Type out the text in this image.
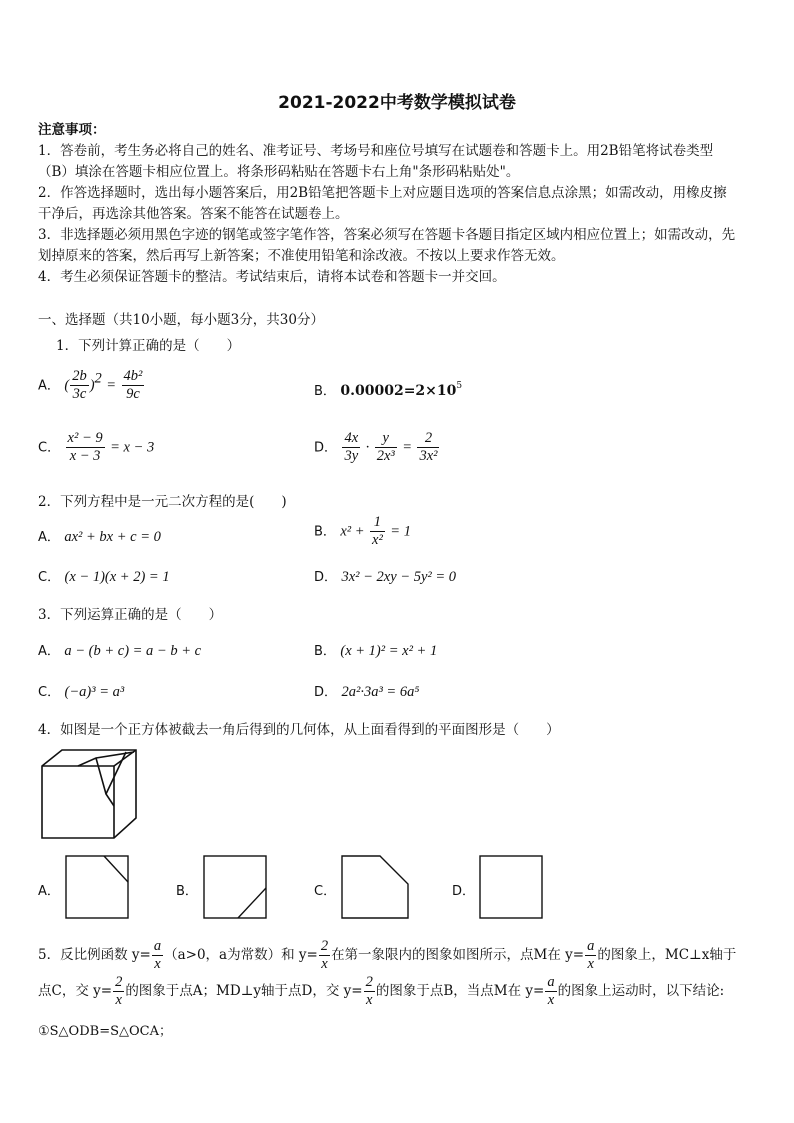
2021-2022中考数学模拟试卷
注意事项：
1．答卷前，考生务必将自己的姓名、准考证号、考场号和座位号填写在试题卷和答题卡上。用2B铅笔将试卷类型
（B）填涂在答题卡相应位置上。将条形码粘贴在答题卡右上角"条形码粘贴处"。
2．作答选择题时，选出每小题答案后，用2B铅笔把答题卡上对应题目选项的答案信息点涂黑；如需改动，用橡皮擦
干净后，再选涂其他答案。答案不能答在试题卷上。
3．非选择题必须用黑色字迹的钢笔或签字笔作答，答案必须写在答题卡各题目指定区域内相应位置上；如需改动，先
划掉原来的答案，然后再写上新答案；不准使用铅笔和涂改液。不按以上要求作答无效。
4．考生必须保证答题卡的整洁。考试结束后，请将本试卷和答题卡一并交回。
一、选择题（共10小题，每小题3分，共30分）
1．下列计算正确的是（　　）
A． ( $\frac{2b}{3c} )^2 = \frac{\text{4b²}}{9c}$	B． $0.00002=2\times 10^5$
C． $\frac{\text{x² − 9}}{x - 3} = x - 3$	D． $\frac{4x}{3y} \cdot \frac{y}{\text{2x³}} = \frac{2}{\text{3x²}}$
2．下列方程中是一元二次方程的是(　　)
A． ax² + bx + c = 0	B． $x^2 + \frac{1}{\text{x²}} = 1$
C． (x − 1)(x + 2) = 1	D． 3x² − 2xy − 5y² = 0
3．下列运算正确的是（　　）
A． a − (b + c) = a − b + c	B． (x + 1)² = x² + 1
C． (−a)³ = a³	D． 2a²·3a³ = 6a⁵
4．如图是一个正方体被截去一角后得到的几何体，从上面看得到的平面图形是（　　）
A．	B．	C．	D．
5．反比例函数 $y= \frac{a}{x} (a>0$，a为常数）和 $y= \frac{2}{x}$ 在第一象限内的图象如图所示，点M在 $y= \frac{a}{x}$ 的图象上，MC⊥x轴于
点C，交 $y= \frac{2}{x}$ 的图象于点A；MD⊥y轴于点D，交 $y= \frac{2}{x}$ 的图象于点B，当点M在 $y= \frac{a}{x}$ 的图象上运动时，以下结论:
①S△ODB=S△OCA；
